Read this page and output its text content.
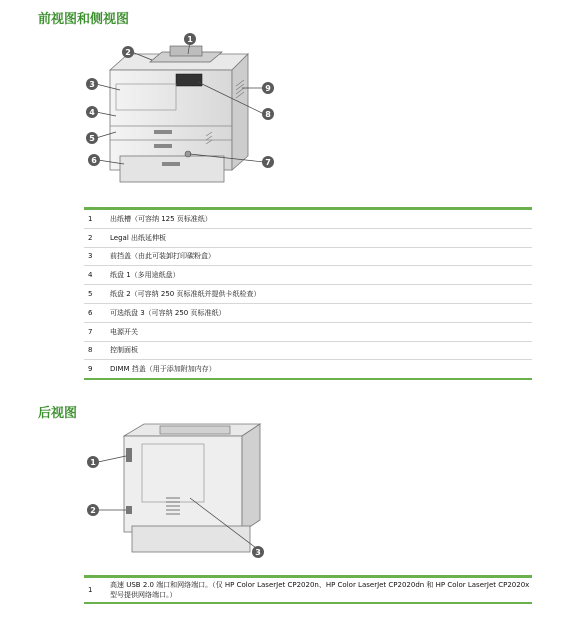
前视图和侧视图
1
2
3
4
5
6	7
8
9
1	出纸槽（可容纳 125 页标准纸）
2	Legal 出纸延伸板
3	前挡盖（由此可装卸打印碳粉盒）
4	纸盘 1（多用途纸盘）
5	纸盘 2（可容纳 250 页标准纸并提供卡纸检查）
6	可选纸盘 3（可容纳 250 页标准纸）
7	电源开关
8	控制面板
9	DIMM 挡盖（用于添加附加内存）
后视图
1
2
3
1	高速 USB 2.0 端口和网络端口。（仅 HP Color LaserJet CP2020n、HP Color LaserJet CP2020dn 和 HP Color LaserJet CP2020x 型号提供网络端口。）
